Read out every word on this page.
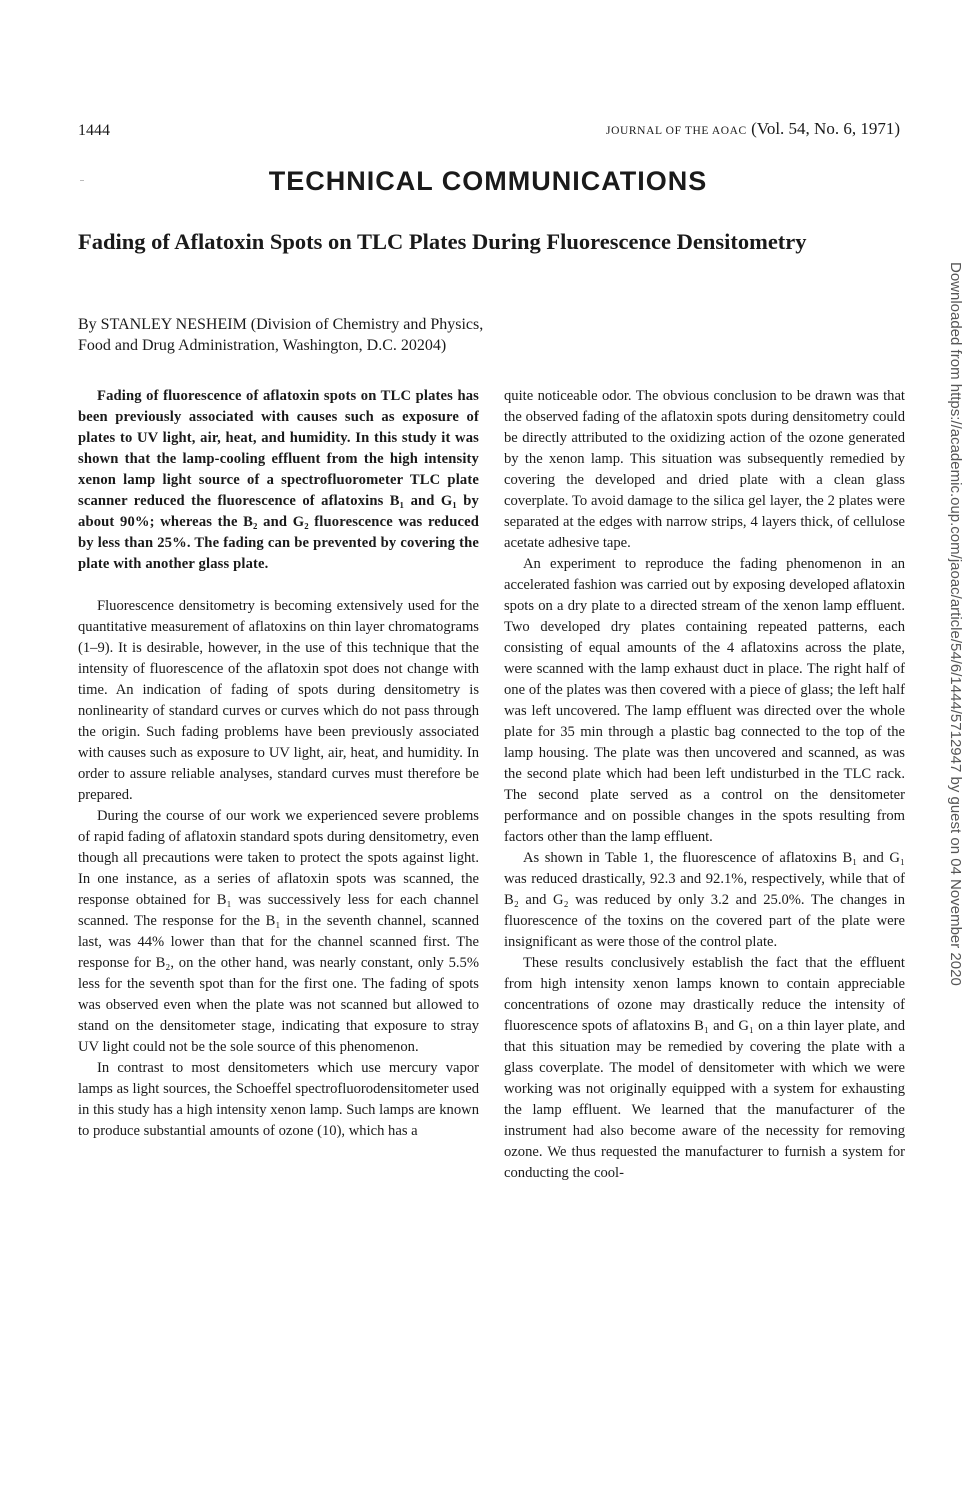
1444	JOURNAL OF THE AOAC (Vol. 54, No. 6, 1971)
TECHNICAL COMMUNICATIONS
Fading of Aflatoxin Spots on TLC Plates During Fluorescence Densitometry
By STANLEY NESHEIM (Division of Chemistry and Physics,
Food and Drug Administration, Washington, D.C. 20204)

Fading of fluorescence of aflatoxin spots on TLC plates has been previously associated with causes such as exposure of plates to UV light, air, heat, and humidity. In this study it was shown that the lamp-cooling effluent from the high intensity xenon lamp light source of a spectrofluorometer TLC plate scanner reduced the fluorescence of aflatoxins B₁ and G₁ by about 90%; whereas the B₂ and G₂ fluorescence was reduced by less than 25%. The fading can be prevented by covering the plate with another glass plate.

Fluorescence densitometry is becoming extensively used for the quantitative measurement of aflatoxins on thin layer chromatograms (1–9). It is desirable, however, in the use of this technique that the intensity of fluorescence of the aflatoxin spot does not change with time. An indication of fading of spots during densitometry is nonlinearity of standard curves or curves which do not pass through the origin. Such fading problems have been previously associated with causes such as exposure to UV light, air, heat, and humidity. In order to assure reliable analyses, standard curves must therefore be prepared.

During the course of our work we experienced severe problems of rapid fading of aflatoxin standard spots during densitometry, even though all precautions were taken to protect the spots against light. In one instance, as a series of aflatoxin spots was scanned, the response obtained for B₁ was successively less for each channel scanned. The response for the B₁ in the seventh channel, scanned last, was 44% lower than that for the channel scanned first. The response for B₂, on the other hand, was nearly constant, only 5.5% less for the seventh spot than for the first one. The fading of spots was observed even when the plate was not scanned but allowed to stand on the densitometer stage, indicating that exposure to stray UV light could not be the sole source of this phenomenon.

In contrast to most densitometers which use mercury vapor lamps as light sources, the Schoeffel spectrofluorodensitometer used in this study has a high intensity xenon lamp. Such lamps are known to produce substantial amounts of ozone (10), which has a

quite noticeable odor. The obvious conclusion to be drawn was that the observed fading of the aflatoxin spots during densitometry could be directly attributed to the oxidizing action of the ozone generated by the xenon lamp. This situation was subsequently remedied by covering the developed and dried plate with a clean glass coverplate. To avoid damage to the silica gel layer, the 2 plates were separated at the edges with narrow strips, 4 layers thick, of cellulose acetate adhesive tape.

An experiment to reproduce the fading phenomenon in an accelerated fashion was carried out by exposing developed aflatoxin spots on a dry plate to a directed stream of the xenon lamp effluent. Two developed dry plates containing repeated patterns, each consisting of equal amounts of the 4 aflatoxins across the plate, were scanned with the lamp exhaust duct in place. The right half of one of the plates was then covered with a piece of glass; the left half was left uncovered. The lamp effluent was directed over the whole plate for 35 min through a plastic bag connected to the top of the lamp housing. The plate was then uncovered and scanned, as was the second plate which had been left undisturbed in the TLC rack. The second plate served as a control on the densitometer performance and on possible changes in the spots resulting from factors other than the lamp effluent.

As shown in Table 1, the fluorescence of aflatoxins B₁ and G₁ was reduced drastically, 92.3 and 92.1%, respectively, while that of B₂ and G₂ was reduced by only 3.2 and 25.0%. The changes in fluorescence of the toxins on the covered part of the plate were insignificant as were those of the control plate.

These results conclusively establish the fact that the effluent from high intensity xenon lamps known to contain appreciable concentrations of ozone may drastically reduce the intensity of fluorescence spots of aflatoxins B₁ and G₁ on a thin layer plate, and that this situation may be remedied by covering the plate with a glass coverplate. The model of densitometer with which we were working was not originally equipped with a system for exhausting the lamp effluent. We learned that the manufacturer of the instrument had also become aware of the necessity for removing ozone. We thus requested the manufacturer to furnish a system for conducting the cool-

Downloaded from https://academic.oup.com/jaoac/article/54/6/1444/5712947 by guest on 04 November 2020
